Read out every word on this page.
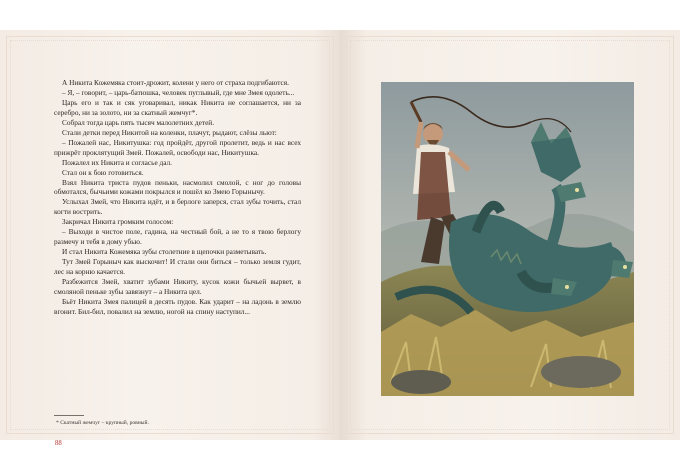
А Никита Кожемяка стоит-дрожит, колени у него от страха подгибаются.

– Я, – говорит, – царь-батюшка, человек пуглывый, где мне Змея одолеть...

Царь его и так и сяк уговаривал, никак Никита не соглашается, ни за серебро, ни за золото, ни за скатный жемчуг*.

Собрал тогда царь пять тысяч малолетних детей.

Стали детки перед Никитой на коленки, плачут, рыдают, слёзы льют:

– Пожалей нас, Никитушка: год пройдёт, другой пролетит, ведь и нас всех прижрёт проклятущий Змей. Пожалей, освободи нас, Никитушка.

Пожалел их Никита и согласье дал.

Стал он к бою готовиться.

Взял Никита триста пудов пеньки, насмолил смолой, с ног до головы обмотался, бычьими кожами покрылся и пошёл ко Змею Горынычу.

Услыхал Змей, что Никита идёт, и в берлоге заперся, стал зубы точить, стал когти вострить.

Закричал Никита громким голосом:

– Выходи в чистое поле, гадина, на честный бой, а не то я твою берлогу размечу и тебя в дому убью.

И стал Никита Кожемяка зубы столетние в щепочки разметывать.

Тут Змей Горыныч как выскочит! И стали они биться – только земля гудит, лес на корню качается.

Разбежится Змей, хватит зубами Никиту, кусок кожи бычьей вырвет, в смоляной пеньке зубы завязнут – а Никита цел.

Бьёт Никита Змея палицей в десять пудов. Как ударит – на ладонь в землю вгонит. Бил-бил, повалил на землю, ногой на спину наступил...

* Скатный жемчуг – крупный, ровный.
88
